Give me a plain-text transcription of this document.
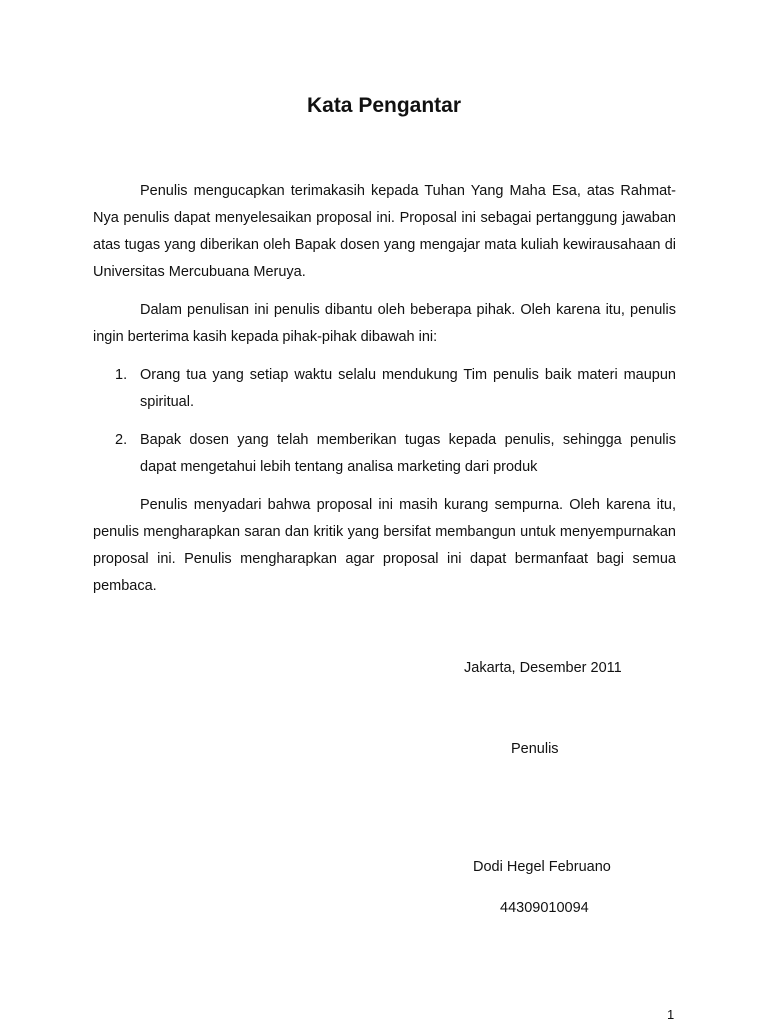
Kata Pengantar

Penulis mengucapkan terimakasih kepada Tuhan Yang Maha Esa, atas Rahmat-Nya penulis dapat menyelesaikan proposal ini. Proposal ini sebagai pertanggung jawaban atas tugas yang diberikan oleh Bapak dosen yang mengajar mata kuliah kewirausahaan di Universitas Mercubuana Meruya.

Dalam penulisan ini penulis dibantu oleh beberapa pihak. Oleh karena itu, penulis ingin berterima kasih kepada pihak-pihak dibawah ini:

1. Orang tua yang setiap waktu selalu mendukung Tim penulis baik materi maupun spiritual.
2. Bapak dosen yang telah memberikan tugas kepada penulis, sehingga penulis dapat mengetahui lebih tentang analisa marketing dari produk

Penulis menyadari bahwa proposal ini masih kurang sempurna. Oleh karena itu, penulis mengharapkan saran dan kritik yang bersifat membangun untuk menyempurnakan proposal ini. Penulis mengharapkan agar proposal ini dapat bermanfaat bagi semua pembaca.

Jakarta, Desember 2011
Penulis
Dodi Hegel Februano
44309010094
1
